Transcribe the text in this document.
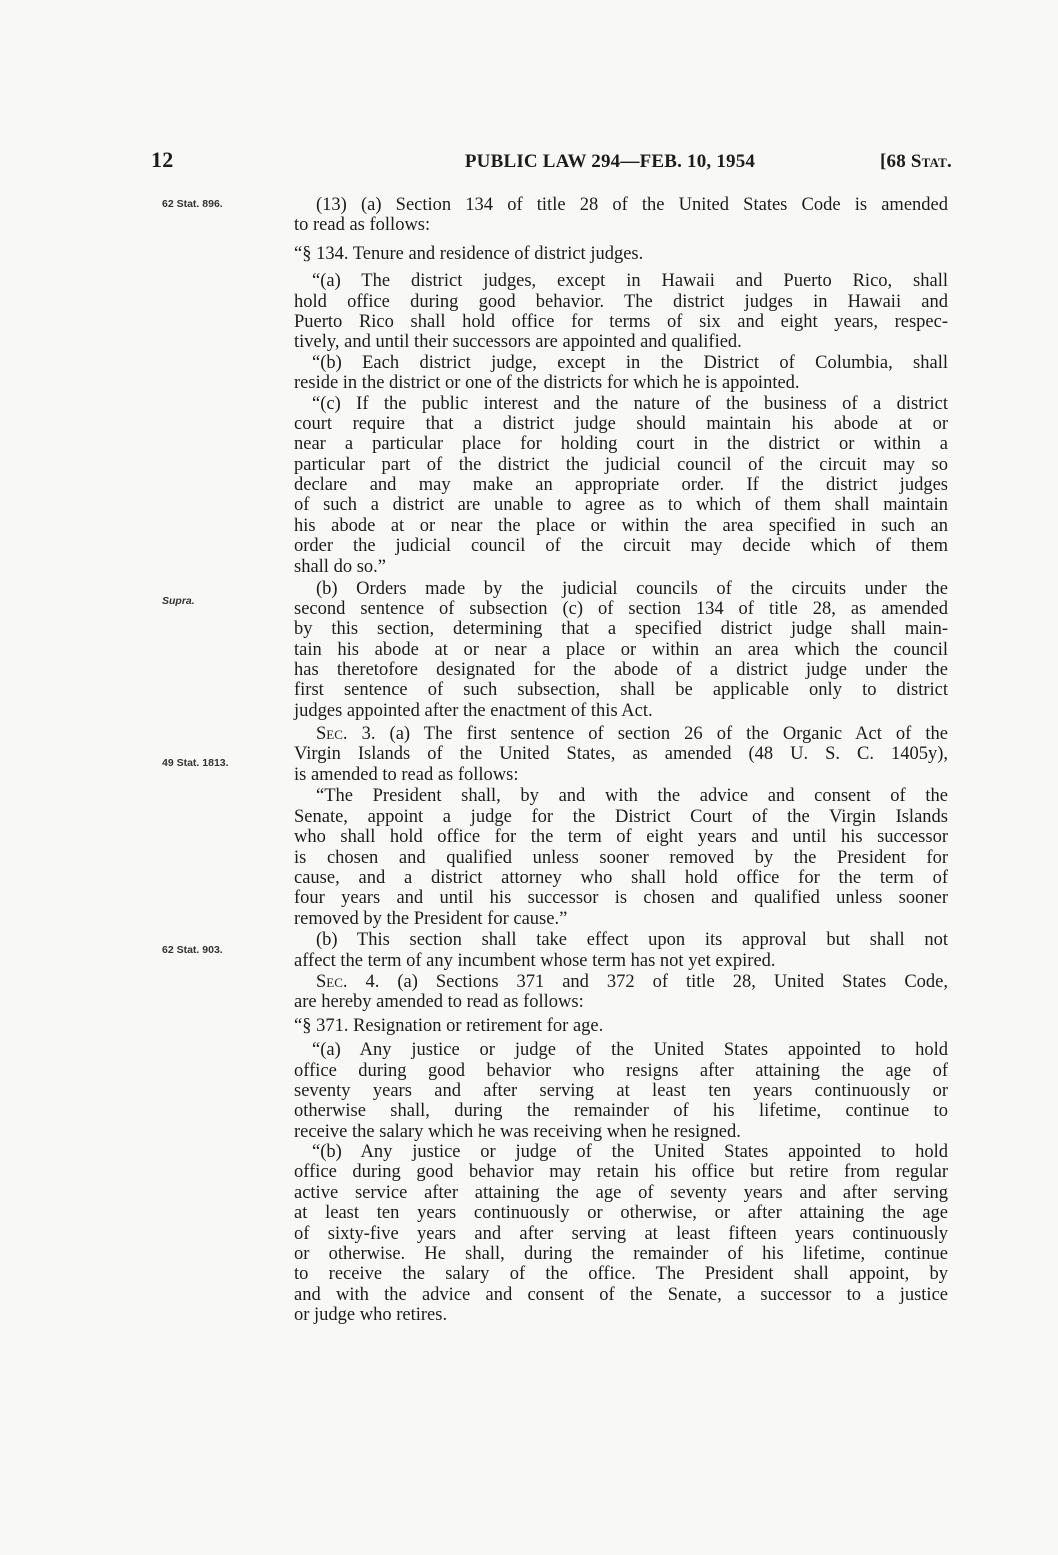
12	PUBLIC LAW 294—FEB. 10, 1954	[68 Stat.
62 Stat. 896.
Supra.
49 Stat. 1813.
62 Stat. 903.
(13) (a) Section 134 of title 28 of the United States Code is amended
to read as follows:
“§ 134. Tenure and residence of district judges.
“(a) The district judges, except in Hawaii and Puerto Rico, shall
hold office during good behavior. The district judges in Hawaii and
Puerto Rico shall hold office for terms of six and eight years, respec-
tively, and until their successors are appointed and qualified.
“(b) Each district judge, except in the District of Columbia, shall
reside in the district or one of the districts for which he is appointed.
“(c) If the public interest and the nature of the business of a district
court require that a district judge should maintain his abode at or
near a particular place for holding court in the district or within a
particular part of the district the judicial council of the circuit may so
declare and may make an appropriate order. If the district judges
of such a district are unable to agree as to which of them shall maintain
his abode at or near the place or within the area specified in such an
order the judicial council of the circuit may decide which of them
shall do so.”
(b) Orders made by the judicial councils of the circuits under the
second sentence of subsection (c) of section 134 of title 28, as amended
by this section, determining that a specified district judge shall main-
tain his abode at or near a place or within an area which the council
has theretofore designated for the abode of a district judge under the
first sentence of such subsection, shall be applicable only to district
judges appointed after the enactment of this Act.
Sec. 3. (a) The first sentence of section 26 of the Organic Act of the
Virgin Islands of the United States, as amended (48 U. S. C. 1405y),
is amended to read as follows:
“The President shall, by and with the advice and consent of the
Senate, appoint a judge for the District Court of the Virgin Islands
who shall hold office for the term of eight years and until his successor
is chosen and qualified unless sooner removed by the President for
cause, and a district attorney who shall hold office for the term of
four years and until his successor is chosen and qualified unless sooner
removed by the President for cause.”
(b) This section shall take effect upon its approval but shall not
affect the term of any incumbent whose term has not yet expired.
Sec. 4. (a) Sections 371 and 372 of title 28, United States Code,
are hereby amended to read as follows:
“§ 371. Resignation or retirement for age.
“(a) Any justice or judge of the United States appointed to hold
office during good behavior who resigns after attaining the age of
seventy years and after serving at least ten years continuously or
otherwise shall, during the remainder of his lifetime, continue to
receive the salary which he was receiving when he resigned.
“(b) Any justice or judge of the United States appointed to hold
office during good behavior may retain his office but retire from regular
active service after attaining the age of seventy years and after serving
at least ten years continuously or otherwise, or after attaining the age
of sixty-five years and after serving at least fifteen years continuously
or otherwise. He shall, during the remainder of his lifetime, continue
to receive the salary of the office. The President shall appoint, by
and with the advice and consent of the Senate, a successor to a justice
or judge who retires.
